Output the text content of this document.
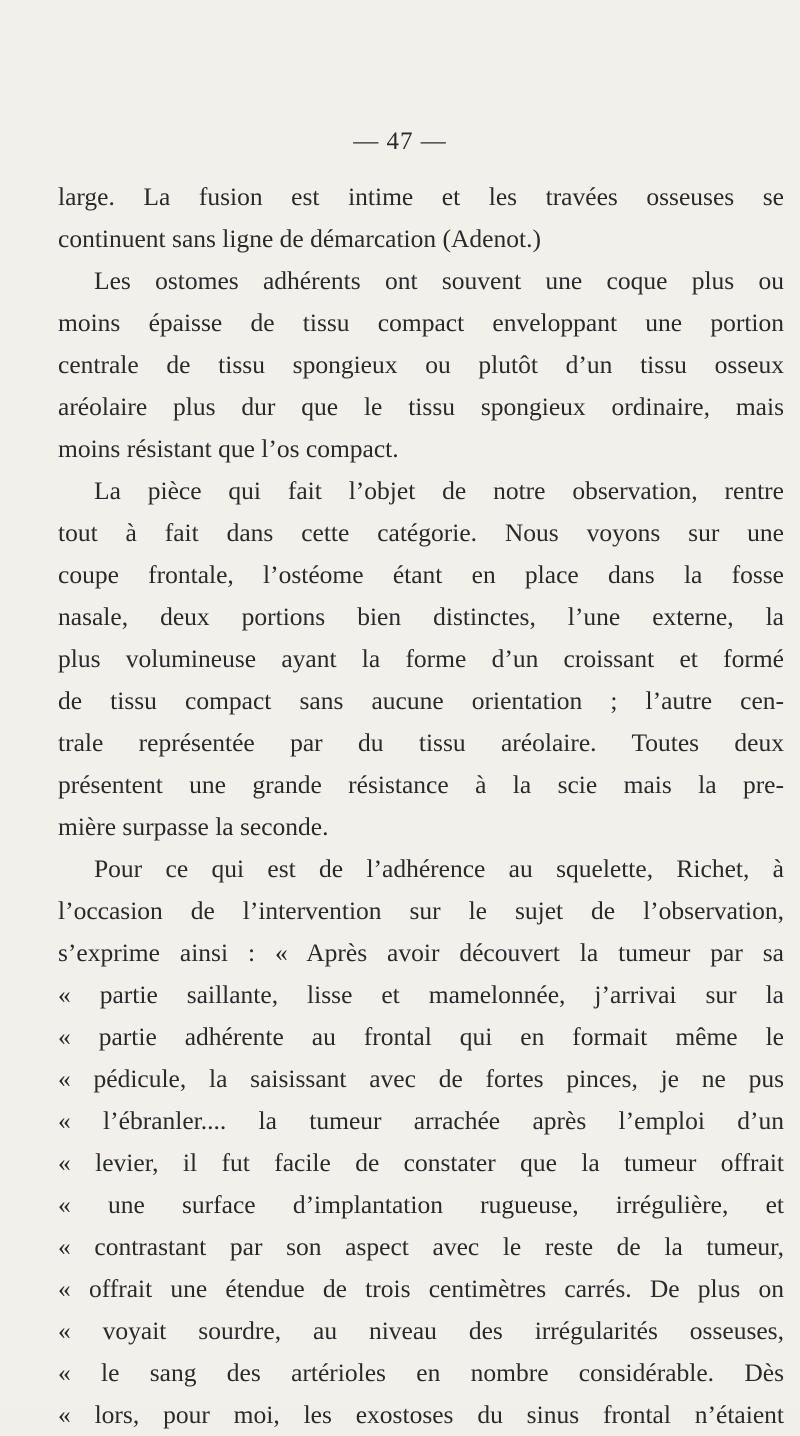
— 47 —
large. La fusion est intime et les travées osseuses se
continuent sans ligne de démarcation (Adenot.)
Les ostomes adhérents ont souvent une coque plus ou
moins épaisse de tissu compact enveloppant une portion
centrale de tissu spongieux ou plutôt d’un tissu osseux
aréolaire plus dur que le tissu spongieux ordinaire, mais
moins résistant que l’os compact.
La pièce qui fait l’objet de notre observation, rentre
tout à fait dans cette catégorie. Nous voyons sur une
coupe frontale, l’ostéome étant en place dans la fosse
nasale, deux portions bien distinctes, l’une externe, la
plus volumineuse ayant la forme d’un croissant et formé
de tissu compact sans aucune orientation ; l’autre cen-
trale représentée par du tissu aréolaire. Toutes deux
présentent une grande résistance à la scie mais la pre-
mière surpasse la seconde.
Pour ce qui est de l’adhérence au squelette, Richet, à
l’occasion de l’intervention sur le sujet de l’observation,
s’exprime ainsi : « Après avoir découvert la tumeur par sa
« partie saillante, lisse et mamelonnée, j’arrivai sur la
« partie adhérente au frontal qui en formait même le
« pédicule, la saisissant avec de fortes pinces, je ne pus
« l’ébranler.... la tumeur arrachée après l’emploi d’un
« levier, il fut facile de constater que la tumeur offrait
« une surface d’implantation rugueuse, irrégulière, et
« contrastant par son aspect avec le reste de la tumeur,
« offrait une étendue de trois centimètres carrés. De plus on
« voyait sourdre, au niveau des irrégularités osseuses,
« le sang des artérioles en nombre considérable. Dès
« lors, pour moi, les exostoses du sinus frontal n’étaient
